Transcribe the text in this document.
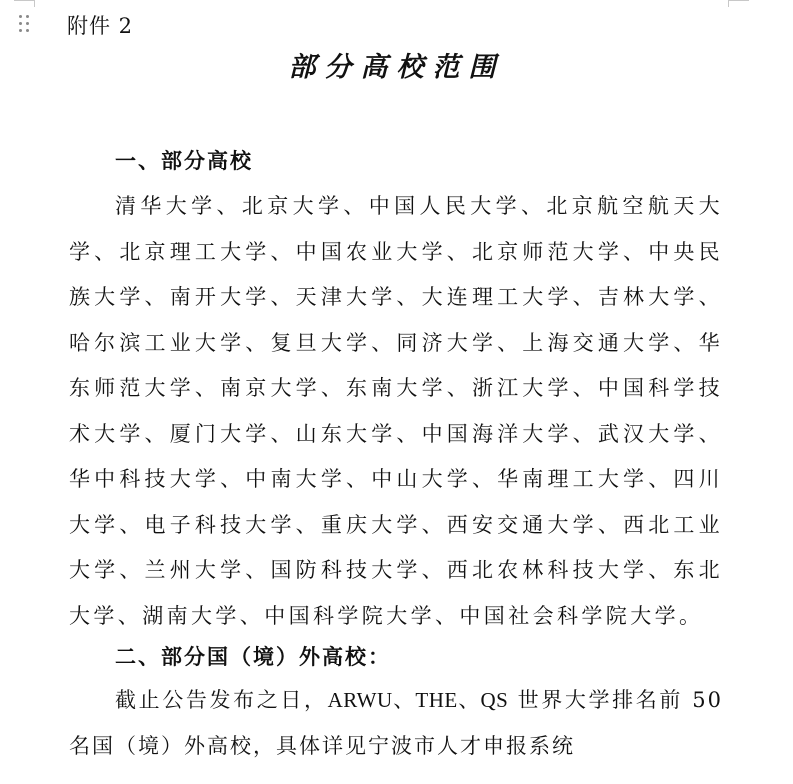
附件 2
部分高校范围
一、部分高校

清华大学、北京大学、中国人民大学、北京航空航天大学、北京理工大学、中国农业大学、北京师范大学、中央民族大学、南开大学、天津大学、大连理工大学、吉林大学、哈尔滨工业大学、复旦大学、同济大学、上海交通大学、华东师范大学、南京大学、东南大学、浙江大学、中国科学技术大学、厦门大学、山东大学、中国海洋大学、武汉大学、华中科技大学、中南大学、中山大学、华南理工大学、四川大学、电子科技大学、重庆大学、西安交通大学、西北工业大学、兰州大学、国防科技大学、西北农林科技大学、东北大学、湖南大学、中国科学院大学、中国社会科学院大学。

二、部分国（境）外高校：

截止公告发布之日，ARWU、THE、QS 世界大学排名前 50 名国（境）外高校，具体详见宁波市人才申报系统
